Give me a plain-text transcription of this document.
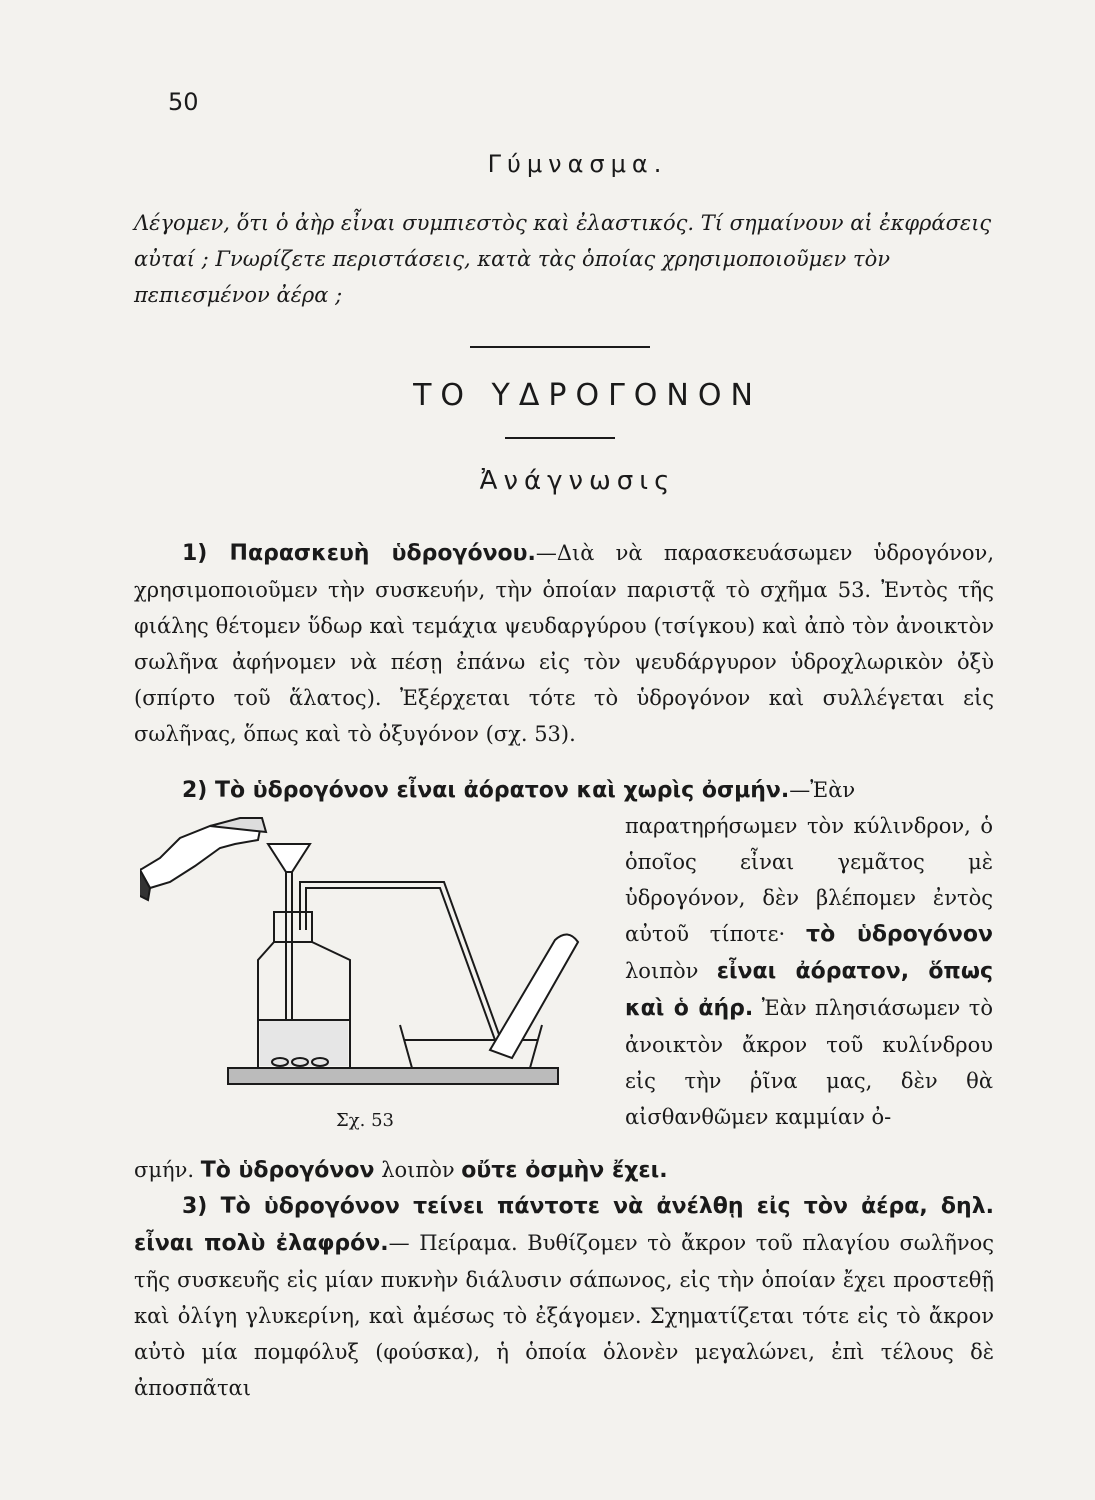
50
Γύμνασμα.
Λέγομεν, ὅτι ὁ ἀὴρ εἶναι συμπιεστὸς καὶ ἐλαστικός. Τί σημαίνουν αἱ ἐκφράσεις αὐταί ; Γνωρίζετε περιστάσεις, κατὰ τὰς ὁποίας χρησιμοποιοῦμεν τὸν πεπιεσμένον ἀέρα ;
ΤΟ ΥΔΡΟΓΟΝΟΝ
Ἀνάγνωσις
1) Παρασκευὴ ὑδρογόνου.—Διὰ νὰ παρασκευάσωμεν ὑδρογόνον, χρησιμοποιοῦμεν τὴν συσκευήν, τὴν ὁποίαν παριστᾷ τὸ σχῆμα 53. Ἐντὸς τῆς φιάλης θέτομεν ὕδωρ καὶ τεμάχια ψευδαργύρου (τσίγκου) καὶ ἀπὸ τὸν ἀνοικτὸν σωλῆνα ἀφήνομεν νὰ πέσῃ ἐπάνω εἰς τὸν ψευδάργυρον ὑδροχλωρικὸν ὀξὺ (σπίρτο τοῦ ἅλατος). Ἐξέρχεται τότε τὸ ὑδρογόνον καὶ συλλέγεται εἰς σωλῆνας, ὅπως καὶ τὸ ὀξυγόνον (σχ. 53).
2) Τὸ ὑδρογόνον εἶναι ἀόρατον καὶ χωρὶς ὀσμήν.—Ἐὰν
Σχ. 53
παρατηρήσωμεν τὸν κύλινδρον, ὁ ὁποῖος εἶναι γεμᾶτος μὲ ὑδρογόνον, δὲν βλέπομεν ἐντὸς αὐτοῦ τίποτε· τὸ ὑδρογόνον λοιπὸν εἶναι ἀόρατον, ὅπως καὶ ὁ ἀήρ. Ἐὰν πλησιάσωμεν τὸ ἀνοικτὸν ἄκρον τοῦ κυλίνδρου εἰς τὴν ῥῖνα μας, δὲν θὰ αἰσθανθῶμεν καμμίαν ὀ-
σμήν. Τὸ ὑδρογόνον λοιπὸν οὔτε ὀσμὴν ἔχει.
3) Τὸ ὑδρογόνον τείνει πάντοτε νὰ ἀνέλθῃ εἰς τὸν ἀέρα, δηλ. εἶναι πολὺ ἐλαφρόν.— Πείραμα. Βυθίζομεν τὸ ἄκρον τοῦ πλαγίου σωλῆνος τῆς συσκευῆς εἰς μίαν πυκνὴν διάλυσιν σάπωνος, εἰς τὴν ὁποίαν ἔχει προστεθῇ καὶ ὀλίγη γλυκερίνη, καὶ ἀμέσως τὸ ἐξάγομεν. Σχηματίζεται τότε εἰς τὸ ἄκρον αὐτὸ μία πομφόλυξ (φούσκα), ἡ ὁποία ὁλονὲν μεγαλώνει, ἐπὶ τέλους δὲ ἀποσπᾶται
